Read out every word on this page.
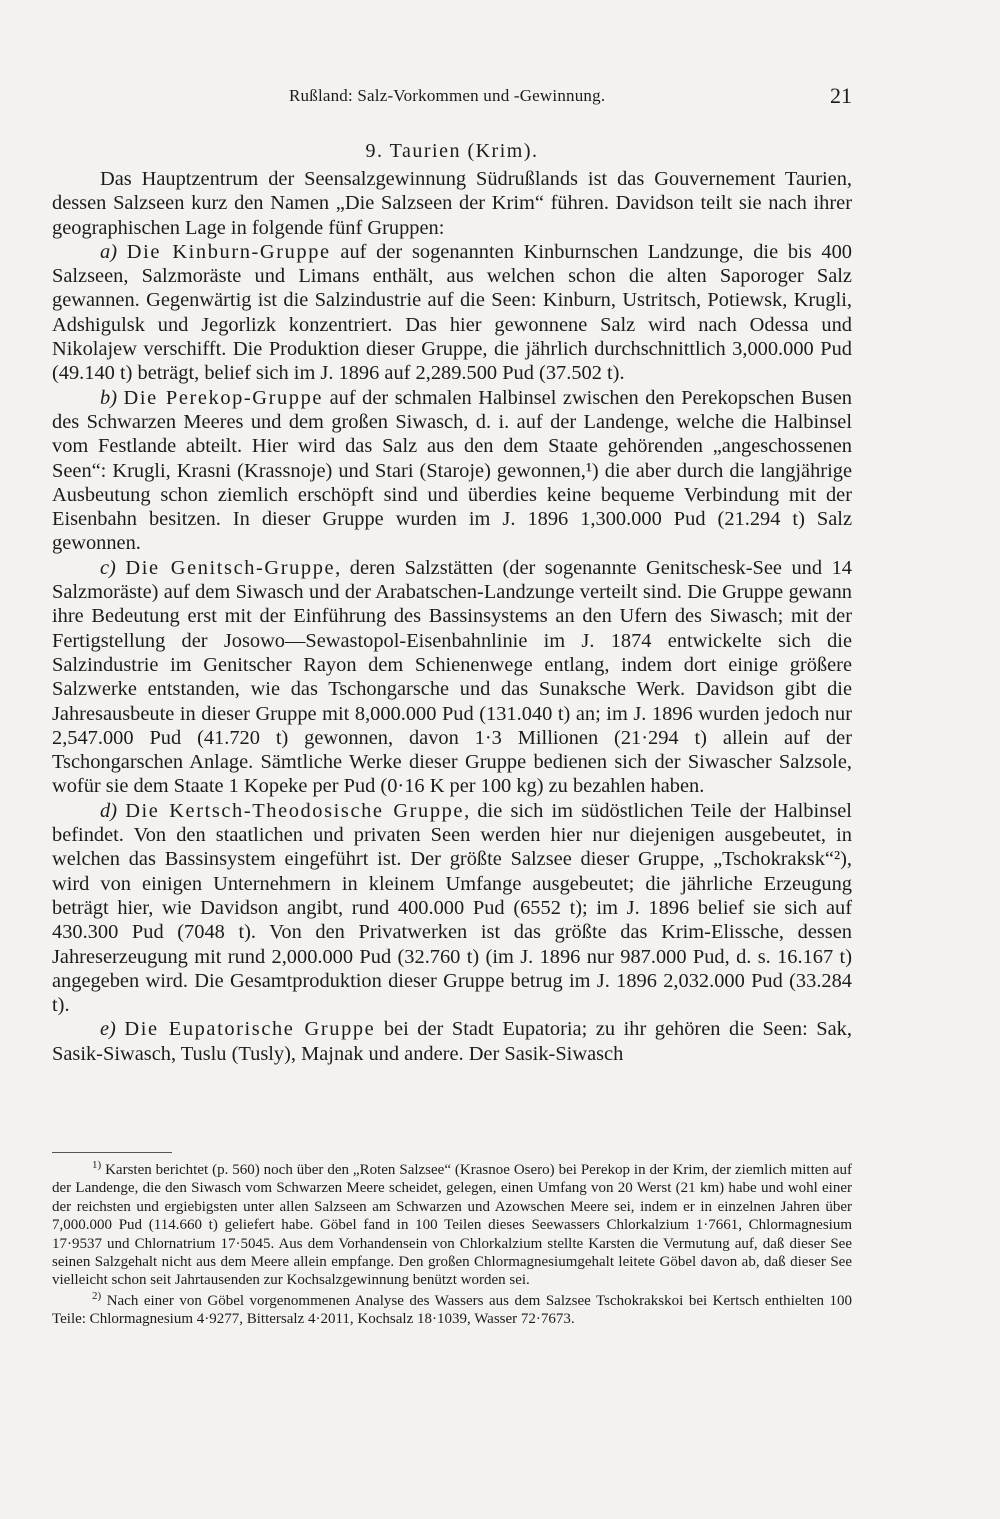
Rußland: Salz-Vorkommen und -Gewinnung.	21
9. Taurien (Krim).

Das Hauptzentrum der Seensalzgewinnung Südrußlands ist das Gouvernement Taurien, dessen Salzseen kurz den Namen „Die Salzseen der Krim“ führen. Davidson teilt sie nach ihrer geographischen Lage in folgende fünf Gruppen:

a) Die Kinburn-Gruppe auf der sogenannten Kinburnschen Landzunge, die bis 400 Salzseen, Salzmoräste und Limans enthält, aus welchen schon die alten Saporoger Salz gewannen. Gegenwärtig ist die Salzindustrie auf die Seen: Kinburn, Ustritsch, Potiewsk, Krugli, Adshigulsk und Jegorlizk konzentriert. Das hier gewonnene Salz wird nach Odessa und Nikolajew verschifft. Die Produktion dieser Gruppe, die jährlich durchschnittlich 3,000.000 Pud (49.140 t) beträgt, belief sich im J. 1896 auf 2,289.500 Pud (37.502 t).

b) Die Perekop-Gruppe auf der schmalen Halbinsel zwischen den Perekopschen Busen des Schwarzen Meeres und dem großen Siwasch, d. i. auf der Landenge, welche die Halbinsel vom Festlande abteilt. Hier wird das Salz aus den dem Staate gehörenden „angeschossenen Seen“: Krugli, Krasni (Krassnoje) und Stari (Staroje) gewonnen,¹) die aber durch die langjährige Ausbeutung schon ziemlich erschöpft sind und überdies keine bequeme Verbindung mit der Eisenbahn besitzen. In dieser Gruppe wurden im J. 1896 1,300.000 Pud (21.294 t) Salz gewonnen.

c) Die Genitsch-Gruppe, deren Salzstätten (der sogenannte Genitschesk-See und 14 Salzmoräste) auf dem Siwasch und der Arabatschen-Landzunge verteilt sind. Die Gruppe gewann ihre Bedeutung erst mit der Einführung des Bassinsystems an den Ufern des Siwasch; mit der Fertigstellung der Josowo—Sewastopol-Eisenbahnlinie im J. 1874 entwickelte sich die Salzindustrie im Genitscher Rayon dem Schienenwege entlang, indem dort einige größere Salzwerke entstanden, wie das Tschongarsche und das Sunaksche Werk. Davidson gibt die Jahresausbeute in dieser Gruppe mit 8,000.000 Pud (131.040 t) an; im J. 1896 wurden jedoch nur 2,547.000 Pud (41.720 t) gewonnen, davon 1·3 Millionen (21·294 t) allein auf der Tschongarschen Anlage. Sämtliche Werke dieser Gruppe bedienen sich der Siwascher Salzsole, wofür sie dem Staate 1 Kopeke per Pud (0·16 K per 100 kg) zu bezahlen haben.

d) Die Kertsch-Theodosische Gruppe, die sich im südöstlichen Teile der Halbinsel befindet. Von den staatlichen und privaten Seen werden hier nur diejenigen ausgebeutet, in welchen das Bassinsystem eingeführt ist. Der größte Salzsee dieser Gruppe, „Tschokraksk“²), wird von einigen Unternehmern in kleinem Umfange ausgebeutet; die jährliche Erzeugung beträgt hier, wie Davidson angibt, rund 400.000 Pud (6552 t); im J. 1896 belief sie sich auf 430.300 Pud (7048 t). Von den Privatwerken ist das größte das Krim-Elissche, dessen Jahreserzeugung mit rund 2,000.000 Pud (32.760 t) (im J. 1896 nur 987.000 Pud, d. s. 16.167 t) angegeben wird. Die Gesamtproduktion dieser Gruppe betrug im J. 1896 2,032.000 Pud (33.284 t).

e) Die Eupatorische Gruppe bei der Stadt Eupatoria; zu ihr gehören die Seen: Sak, Sasik-Siwasch, Tuslu (Tusly), Majnak und andere. Der Sasik-Siwasch

$^{1)}$ Karsten berichtet (p. 560) noch über den „Roten Salzsee“ (Krasnoe Osero) bei Perekop in der Krim, der ziemlich mitten auf der Landenge, die den Siwasch vom Schwarzen Meere scheidet, gelegen, einen Umfang von 20 Werst (21 km) habe und wohl einer der reichsten und ergiebigsten unter allen Salzseen am Schwarzen und Azowschen Meere sei, indem er in einzelnen Jahren über 7,000.000 Pud (114.660 t) geliefert habe. Göbel fand in 100 Teilen dieses Seewassers Chlorkalzium 1·7661, Chlormagnesium 17·9537 und Chlornatrium 17·5045. Aus dem Vorhandensein von Chlorkalzium stellte Karsten die Vermutung auf, daß dieser See seinen Salzgehalt nicht aus dem Meere allein empfange. Den großen Chlormagnesiumgehalt leitete Göbel davon ab, daß dieser See vielleicht schon seit Jahrtausenden zur Kochsalzgewinnung benützt worden sei.

$^{2)}$ Nach einer von Göbel vorgenommenen Analyse des Wassers aus dem Salzsee Tschokrakskoi bei Kertsch enthielten 100 Teile: Chlormagnesium 4·9277, Bittersalz 4·2011, Kochsalz 18·1039, Wasser 72·7673.
